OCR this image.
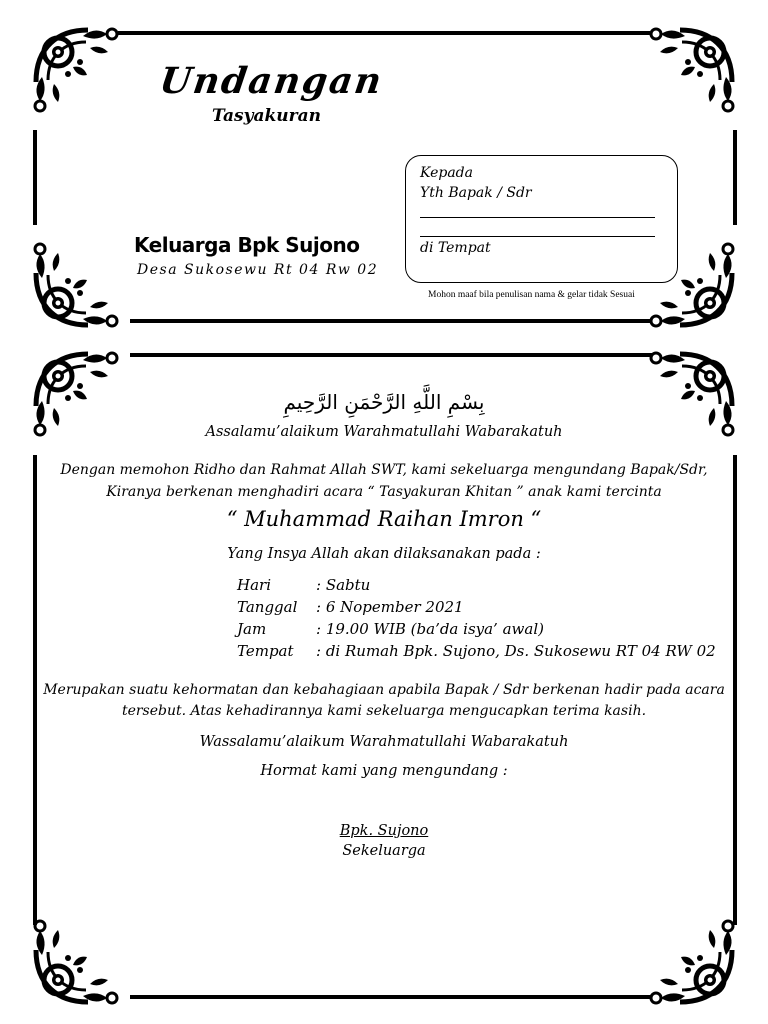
Undangan
Tasyakuran
Keluarga Bpk Sujono
Desa Sukosewu Rt 04 Rw 02
Kepada
Yth Bapak / Sdr
di Tempat
Mohon maaf bila penulisan nama & gelar tidak Sesuai
بِسْمِ اللَّهِ الرَّحْمَنِ الرَّحِيمِ
Assalamu’alaikum Warahmatullahi Wabarakatuh
Dengan memohon Ridho dan Rahmat Allah SWT, kami sekeluarga mengundang Bapak/Sdr,
Kiranya berkenan menghadiri acara “ Tasyakuran Khitan ” anak kami tercinta
“ Muhammad Raihan Imron “
Yang Insya Allah akan dilaksanakan pada :
Hari	: Sabtu
Tanggal : 6 Nopember 2021
Jam	: 19.00 WIB (ba’da isya’ awal)
Tempat : di Rumah Bpk. Sujono, Ds. Sukosewu RT 04 RW 02
Merupakan suatu kehormatan dan kebahagiaan apabila Bapak / Sdr berkenan hadir pada acara
tersebut. Atas kehadirannya kami sekeluarga mengucapkan terima kasih.
Wassalamu’alaikum Warahmatullahi Wabarakatuh
Hormat kami yang mengundang :
Bpk. Sujono
Sekeluarga
